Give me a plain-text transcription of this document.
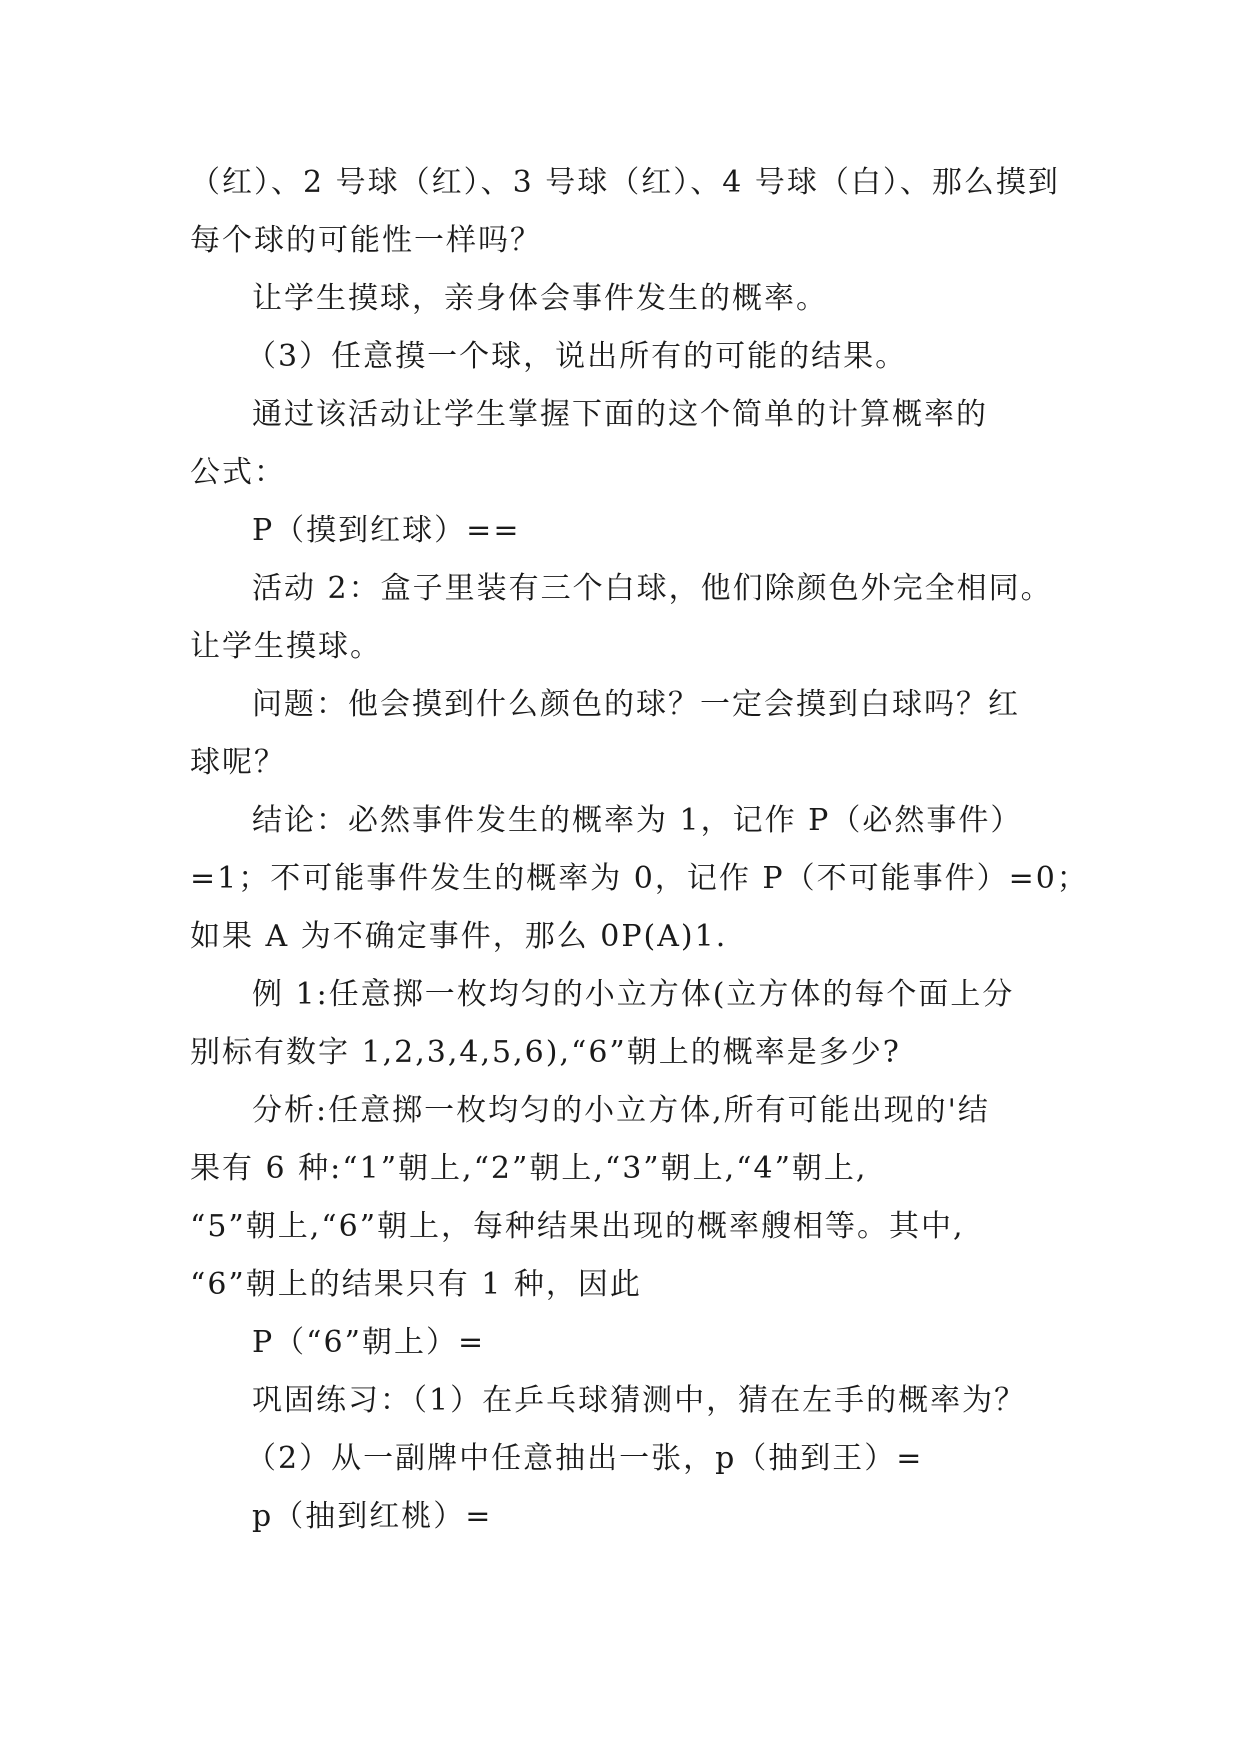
（红）、2 号球（红）、3 号球（红）、4 号球（白）、那么摸到
每个球的可能性一样吗？
让学生摸球，亲身体会事件发生的概率。
（3）任意摸一个球，说出所有的可能的结果。
通过该活动让学生掌握下面的这个简单的计算概率的
公式：
P（摸到红球）==
活动 2：盒子里装有三个白球，他们除颜色外完全相同。
让学生摸球。
问题：他会摸到什么颜色的球？一定会摸到白球吗？红
球呢？
结论：必然事件发生的概率为 1，记作 P（必然事件）
=1；不可能事件发生的概率为 0，记作 P（不可能事件）=0；
如果 A 为不确定事件，那么 0P(A)1.
例 1:任意掷一枚均匀的小立方体(立方体的每个面上分
别标有数字 1,2,3,4,5,6),“6”朝上的概率是多少?
分析:任意掷一枚均匀的小立方体,所有可能出现的'结
果有 6 种:“1”朝上,“2”朝上,“3”朝上,“4”朝上,
“5”朝上,“6”朝上，每种结果出现的概率艘相等。其中,
“6”朝上的结果只有 1 种，因此
P（“6”朝上）=
巩固练习：（1）在乒乓球猜测中，猜在左手的概率为？
（2）从一副牌中任意抽出一张，p（抽到王）=
p（抽到红桃）=
